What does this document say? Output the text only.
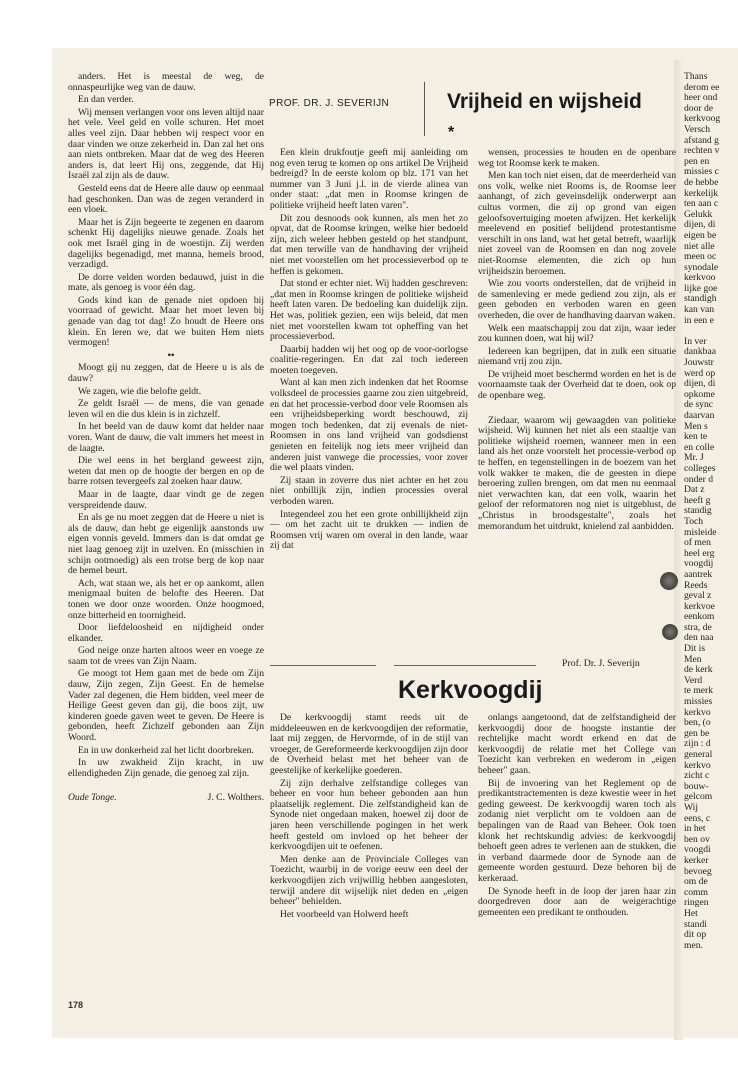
anders. Het is meestal de weg, de onnaspeurlijke weg van de dauw.

En dan verder.

Wij mensen verlangen voor ons leven altijd naar het vele. Veel geld en volle schuren. Het moet alles veel zijn. Daar hebben wij respect voor en daar vinden we onze zekerheid in. Dan zal het ons aan niets ontbreken. Maar dat de weg des Heeren anders is, dat leert Hij ons, zeggende, dat Hij Israël zal zijn als de dauw.

Gesteld eens dat de Heere alle dauw op eenmaal had geschonken. Dan was de zegen veranderd in een vloek.

Maar het is Zijn begeerte te zegenen en daarom schenkt Hij dagelijks nieuwe genade. Zoals het ook met Israël ging in de woestijn. Zij werden dagelijks begenadigd, met manna, hemels brood, verzadigd.

De dorre velden worden bedauwd, juist in die mate, als genoeg is voor één dag.

Gods kind kan de genade niet opdoen bij voorraad of gewicht. Maar het moet leven bij genade van dag tot dag! Zo houdt de Heere ons klein. En leren we, dat we buiten Hem niets vermogen!

••

Moogt gij nu zeggen, dat de Heere u is als de dauw?

We zagen, wie die belofte geldt.

Ze geldt Israël — de mens, die van genade leven wil en die dus klein is in zichzelf.

In het beeld van de dauw komt dat helder naar voren. Want de dauw, die valt immers het meest in de laagte.

Die wel eens in het bergland geweest zijn, weten dat men op de hoogte der bergen en op de barre rotsen tevergeefs zal zoeken haar dauw.

Maar in de laagte, daar vindt ge de zegen verspreidende dauw.

En als ge nu moet zeggen dat de Heere u niet is als de dauw, dan hebt ge eigenlijk aanstonds uw eigen vonnis geveld. Immers dan is dat omdat ge niet laag genoeg zijt in uzelven. En (misschien in schijn ootmoedig) als een trotse berg de kop naar de hemel beurt.

Ach, wat staan we, als het er op aankomt, allen menigmaal buiten de belofte des Heeren. Dat tonen we door onze woorden. Onze hoogmoed, onze bitterheid en toornigheid.

Door liefdeloosheid en nijdigheid onder elkander.

God neige onze harten altoos weer en voege ze saam tot de vrees van Zijn Naam.

Ge moogt tot Hem gaan met de bede om Zijn dauw, Zijn zegen, Zijn Geest. En de hemelse Vader zal degenen, die Hem bidden, veel meer de Heilige Geest geven dan gij, die boos zijt, uw kinderen goede gaven weet te geven. De Heere is gebonden, heeft Zichzelf gebonden aan Zijn Woord.

En in uw donkerheid zal het licht doorbreken.

In uw zwakheid Zijn kracht, in uw ellendigheden Zijn genade, die genoeg zal zijn.

Oude Tonge.	J. C. Wolthers.
PROF. DR. J. SEVERIJN	Vrijheid en wijsheid
*

Een klein drukfoutje geeft mij aanleiding om nog even terug te komen op ons artikel De Vrijheid bedreigd? In de eerste kolom op blz. 171 van het nummer van 3 Juni j.l. in de vierde alinea van onder staat: „dat men in Roomse kringen de politieke vrijheid heeft laten varen".

Dit zou desnoods ook kunnen, als men het zo opvat, dat de Roomse kringen, welke hier bedoeld zijn, zich weleer hebben gesteld op het standpunt, dat men terwille van de handhaving der vrijheid niet met voorstellen om het processieverbod op te heffen is gekomen.

Dat stond er echter niet. Wij hadden geschreven: „dat men in Roomse kringen de politieke wijsheid heeft laten varen. De bedoeling kan duidelijk zijn. Het was, politiek gezien, een wijs beleid, dat men niet met voorstellen kwam tot opheffing van het processieverbod.

Daarbij hadden wij het oog op de voor-oorlogse coalitie-regeringen. En dat zal toch iedereen moeten toegeven.

Want al kan men zich indenken dat het Roomse volksdeel de processies gaarne zou zien uitgebreid, en dat het processie-verbod door vele Roomsen als een vrijheidsbeperking wordt beschouwd, zij mogen toch bedenken, dat zij evenals de niet-Roomsen in ons land vrijheid van godsdienst genieten en feitelijk nog iets meer vrijheid dan anderen juist vanwege die processies, voor zover die wel plaats vinden.

Zij staan in zoverre dus niet achter en het zou niet onbillijk zijn, indien processies overal verboden waren.

Integendeel zou het een grote onbillijkheid zijn — om het zacht uit te drukken — indien de Roomsen vrij waren om overal in den lande, waar zij dat

wensen, processies te houden en de openbare weg tot Roomse kerk te maken.

Men kan toch niet eisen, dat de meerderheid van ons volk, welke niet Rooms is, de Roomse leer aanhangt, of zich geveinsdelijk onderwerpt aan cultus vormen, die zij op grond van eigen geloofsovertuiging moeten afwijzen. Het kerkelijk meelevend en positief belijdend protestantisme verschilt in ons land, wat het getal betreft, waarlijk niet zoveel van de Roomsen en dan nog zovele niet-Roomse elementen, die zich op hun vrijheidszin beroemen.

Wie zou voorts onderstellen, dat de vrijheid in de samenleving er mede gediend zou zijn, als er geen geboden en verboden waren en geen overheden, die over de handhaving daarvan waken.

Welk een maatschappij zou dat zijn, waar ieder zou kunnen doen, wat hij wil?

Iedereen kan begrijpen, dat in zulk een situatie niemand vrij zou zijn.

De vrijheid moet beschermd worden en het is de voornaamste taak der Overheid dat te doen, ook op de openbare weg.

Ziedaar, waarom wij gewaagden van politieke wijsheid. Wij kunnen het niet als een staaltje van politieke wijsheid roemen, wanneer men in een land als het onze voorstelt het processie-verbod op te heffen, en tegenstellingen in de boezem van het volk wakker te maken, die de geesten in diepe beroering zullen brengen, om dat men nu eenmaal niet verwachten kan, dat een volk, waarin het geloof der reformatoren nog niet is uitgeblust, de „Christus in broodsgestalte", zoals het memorandum het uitdrukt, knielend zal aanbidden.

Prof. Dr. J. Severijn
Kerkvoogdij

De kerkvoogdij stamt reeds uit de middeleeuwen en de kerkvoogdijen der reformatie, laat mij zeggen, de Hervormde, of in de stijl van vroeger, de Gereformeerde kerkvoogdijen zijn door de Overheid belast met het beheer van de geestelijke of kerkelijke goederen.

Zij zijn derhalve zelfstandige colleges van beheer en voor hun beheer gebonden aan hun plaatselijk reglement. Die zelfstandigheid kan de Synode niet ongedaan maken, hoewel zij door de jaren heen verschillende pogingen in het werk heeft gesteld om invloed op het beheer der kerkvoogdijen uit te oefenen.

Men denke aan de Provinciale Colleges van Toezicht, waarbij in de vorige eeuw een deel der kerkvoogdijen zich vrijwillig hebben aangesloten, terwijl andere dit wijselijk niet deden en „eigen beheer" behielden.

Het voorbeeld van Holwerd heeft

onlangs aangetoond, dat de zelfstandigheid der kerkvoogdij door de hoogste instantie der rechtelijke macht wordt erkend en dat de kerkvoogdij de relatie met het College van Toezicht kan verbreken en wederom in „eigen beheer" gaan.

Bij de invoering van het Reglement op de predikantstractementen is deze kwestie weer in het geding geweest. De kerkvoogdij waren toch als zodanig niet verplicht om te voldoen aan de bepalingen van de Raad van Beheer. Ook toen klonk het rechtskundig advies: de kerkvoogdij behoeft geen adres te verlenen aan de stukken, die in verband daarmede door de Synode aan de gemeente worden gestuurd. Deze behoren bij de kerkeraad.

De Synode heeft in de loop der jaren haar zin doorgedreven door aan de weigerachtige gemeenten een predikant te onthouden.

Thans
derom ee
heer ond
door de
kerkvoog
Versch
afstand g
rechten v
pen en
missies c
de hebbe
kerkelijk
ten aan c
Gelukk
dijen, di
eigen be
niet alle
meen oc
synodale
kerkvoo
lijke goe
standigh
kan van
in een e
In ver
dankbaa
Jouwstr
werd op
dijen, di
opkome
de sync
daarvan
Men s
ken te
en colle
Mr. J
colleges
onder d
Dat z
heeft g
standig
Toch
misleide
of men
heel erg
voogdij
aantrek
Reeds
geval z
kerkvoe
eenkom
stra, de
den naa
Dit is
Men
de kerk
Verd
te merk
missies
kerkvo
ben, (o
gen be
zijn : d
general
kerkvo
zicht c
bouw-
gelcom
Wij
eens, c
in het
ben ov
voogdi
kerker
bevoeg
om de
comm
ringen
Het
standi
dit op
men.
178
